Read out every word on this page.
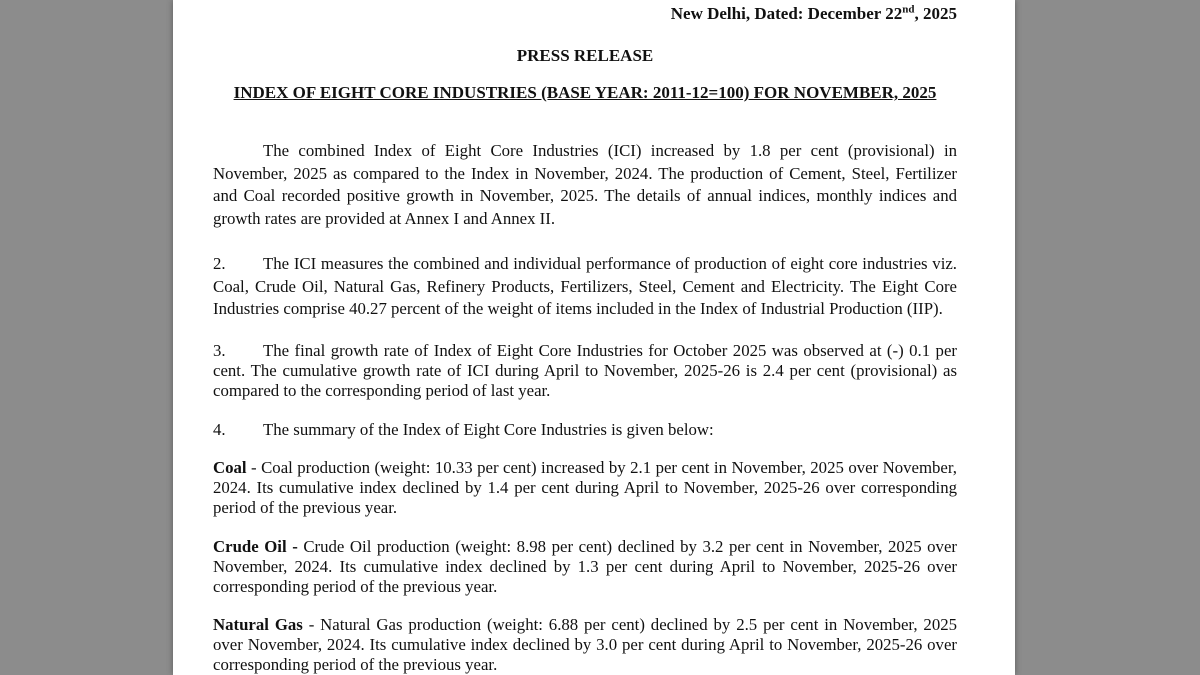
New Delhi, Dated: December 22nd, 2025
PRESS RELEASE
INDEX OF EIGHT CORE INDUSTRIES (BASE YEAR: 2011-12=100) FOR NOVEMBER, 2025
The combined Index of Eight Core Industries (ICI) increased by 1.8 per cent (provisional) in November, 2025 as compared to the Index in November, 2024. The production of Cement, Steel, Fertilizer and Coal recorded positive growth in November, 2025. The details of annual indices, monthly indices and growth rates are provided at Annex I and Annex II.
2. The ICI measures the combined and individual performance of production of eight core industries viz. Coal, Crude Oil, Natural Gas, Refinery Products, Fertilizers, Steel, Cement and Electricity. The Eight Core Industries comprise 40.27 percent of the weight of items included in the Index of Industrial Production (IIP).
3. The final growth rate of Index of Eight Core Industries for October 2025 was observed at (-) 0.1 per cent. The cumulative growth rate of ICI during April to November, 2025-26 is 2.4 per cent (provisional) as compared to the corresponding period of last year.
4. The summary of the Index of Eight Core Industries is given below:
Coal - Coal production (weight: 10.33 per cent) increased by 2.1 per cent in November, 2025 over November, 2024. Its cumulative index declined by 1.4 per cent during April to November, 2025-26 over corresponding period of the previous year.
Crude Oil - Crude Oil production (weight: 8.98 per cent) declined by 3.2 per cent in November, 2025 over November, 2024. Its cumulative index declined by 1.3 per cent during April to November, 2025-26 over corresponding period of the previous year.
Natural Gas - Natural Gas production (weight: 6.88 per cent) declined by 2.5 per cent in November, 2025 over November, 2024. Its cumulative index declined by 3.0 per cent during April to November, 2025-26 over corresponding period of the previous year.
